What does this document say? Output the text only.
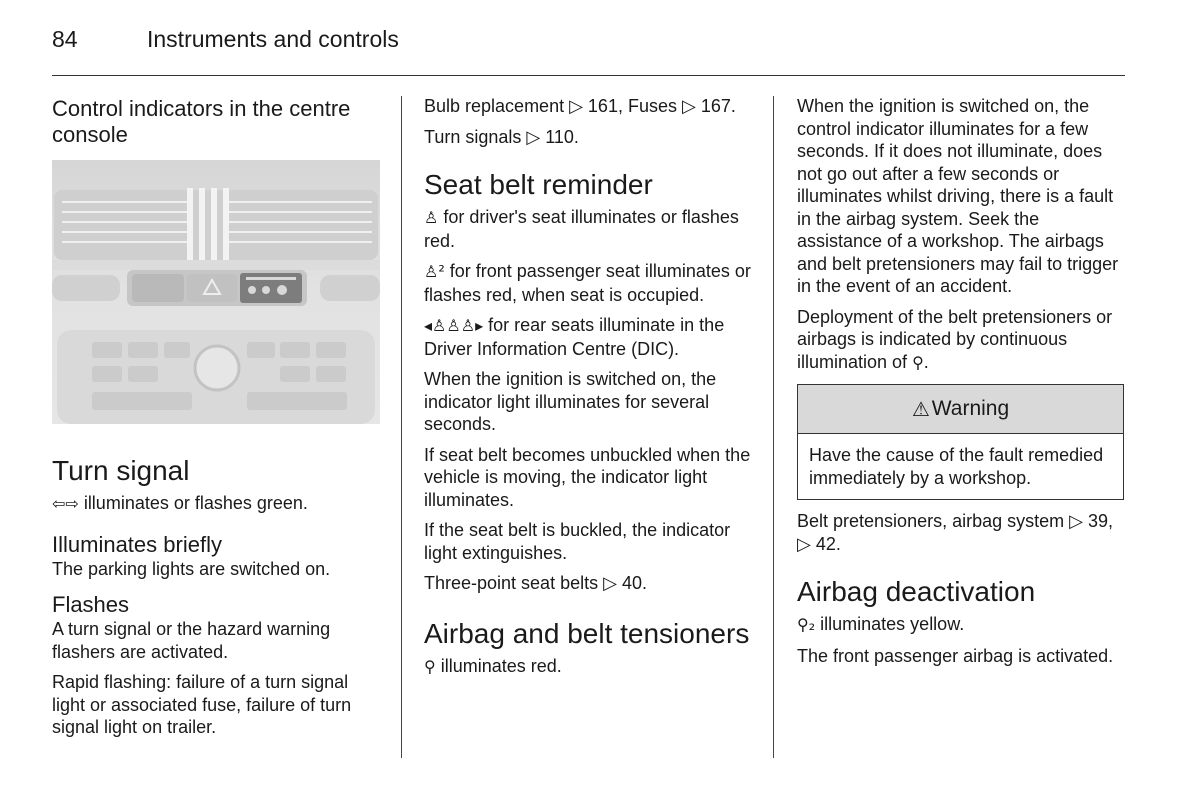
84	Instruments and controls
Control indicators in the centre console
Turn signal

⇦⇨ illuminates or flashes green.

Illuminates briefly

The parking lights are switched on.

Flashes

A turn signal or the hazard warning flashers are activated.

Rapid flashing: failure of a turn signal light or associated fuse, failure of turn signal light on trailer.

Bulb replacement ▷ 161, Fuses ▷ 167.

Turn signals ▷ 110.

Seat belt reminder

♙ for driver's seat illuminates or flashes red.

♙² for front passenger seat illuminates or flashes red, when seat is occupied.

◂♙♙♙▸ for rear seats illuminate in the Driver Information Centre (DIC).

When the ignition is switched on, the indicator light illuminates for several seconds.

If seat belt becomes unbuckled when the vehicle is moving, the indicator light illuminates.

If the seat belt is buckled, the indicator light extinguishes.

Three-point seat belts ▷ 40.

Airbag and belt tensioners

⚲ illuminates red.

When the ignition is switched on, the control indicator illuminates for a few seconds. If it does not illuminate, does not go out after a few seconds or illuminates whilst driving, there is a fault in the airbag system. Seek the assistance of a workshop. The airbags and belt pretensioners may fail to trigger in the event of an accident.

Deployment of the belt pretensioners or airbags is indicated by continuous illumination of ⚲.

⚠ Warning
Have the cause of the fault remedied immediately by a workshop.

Belt pretensioners, airbag system ▷ 39, ▷ 42.

Airbag deactivation

⚲₂ illuminates yellow.

The front passenger airbag is activated.
